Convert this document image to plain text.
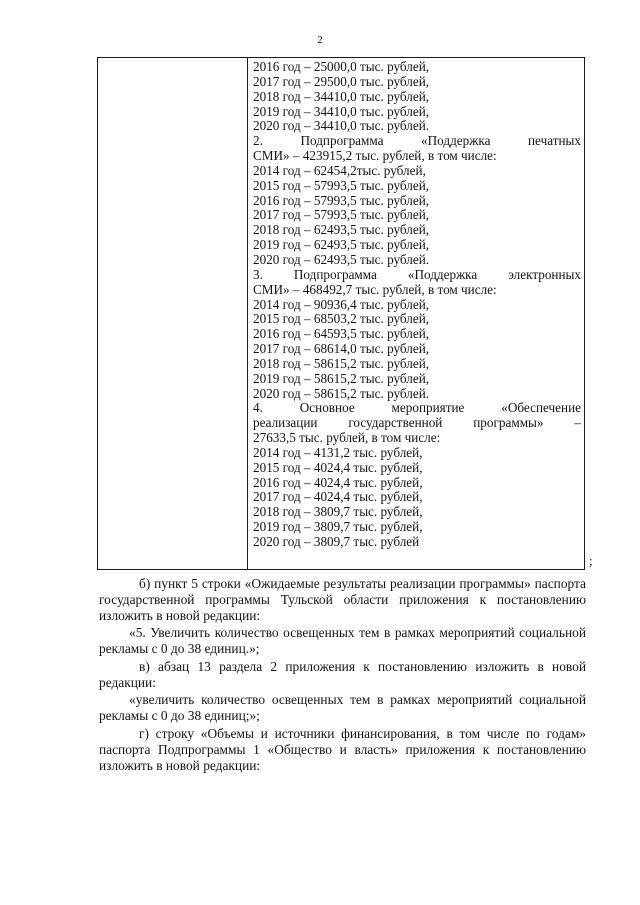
2
2016 год – 25000,0 тыс. рублей,
2017 год – 29500,0 тыс. рублей,
2018 год – 34410,0 тыс. рублей,
2019 год – 34410,0 тыс. рублей,
2020 год – 34410,0 тыс. рублей.
2. Подпрограмма «Поддержка печатных
СМИ» – 423915,2 тыс. рублей, в том числе:
2014 год – 62454,2тыс. рублей,
2015 год – 57993,5 тыс. рублей,
2016 год – 57993,5 тыс. рублей,
2017 год – 57993,5 тыс. рублей,
2018 год – 62493,5 тыс. рублей,
2019 год – 62493,5 тыс. рублей,
2020 год – 62493,5 тыс. рублей.
3. Подпрограмма «Поддержка электронных
СМИ» – 468492,7 тыс. рублей, в том числе:
2014 год – 90936,4 тыс. рублей,
2015 год – 68503,2 тыс. рублей,
2016 год – 64593,5 тыс. рублей,
2017 год – 68614,0 тыс. рублей,
2018 год – 58615,2 тыс. рублей,
2019 год – 58615,2 тыс. рублей,
2020 год – 58615,2 тыс. рублей.
4. Основное мероприятие «Обеспечение
реализации государственной программы» –
27633,5 тыс. рублей, в том числе:
2014 год – 4131,2 тыс. рублей,
2015 год – 4024,4 тыс. рублей,
2016 год – 4024,4 тыс. рублей,
2017 год – 4024,4 тыс. рублей,
2018 год – 3809,7 тыс. рублей,
2019 год – 3809,7 тыс. рублей,
2020 год – 3809,7 тыс. рублей
;

б) пункт 5 строки «Ожидаемые результаты реализации программы» паспорта государственной программы Тульской области приложения к постановлению изложить в новой редакции:

«5. Увеличить количество освещенных тем в рамках мероприятий социальной рекламы с 0 до 38 единиц.»;

в) абзац 13 раздела 2 приложения к постановлению изложить в новой редакции:

«увеличить количество освещенных тем в рамках мероприятий социальной рекламы с 0 до 38 единиц;»;

г) строку «Объемы и источники финансирования, в том числе по годам» паспорта Подпрограммы 1 «Общество и власть» приложения к постановлению изложить в новой редакции:
